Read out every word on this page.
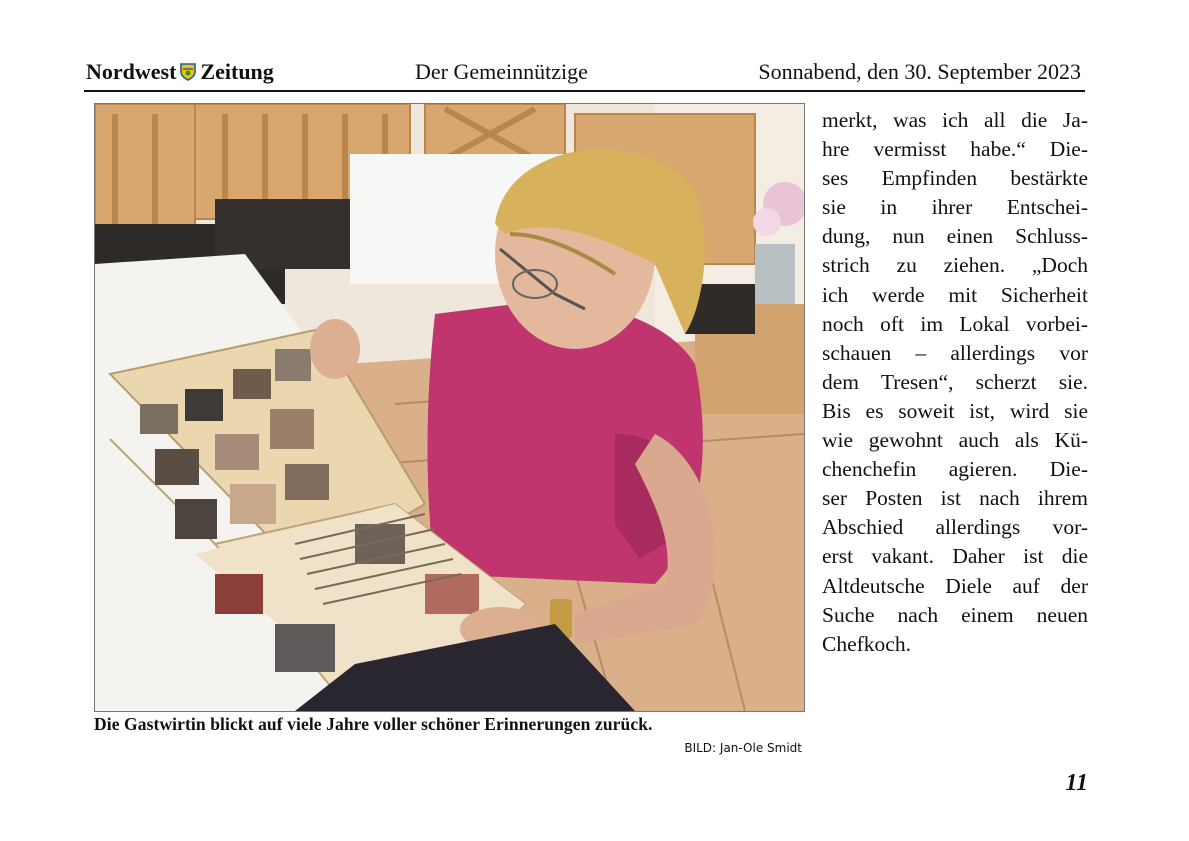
Nordwest Zeitung	Der Gemeinnützige	Sonnabend, den 30. September 2023
Die Gastwirtin blickt auf viele Jahre voller schöner Erinnerungen zurück.
BILD: Jan-Ole Smidt
merkt, was ich all die Ja-
hre vermisst habe.“ Die-
ses Empfinden bestärkte
sie in ihrer Entschei-
dung, nun einen Schluss-
strich zu ziehen. „Doch
ich werde mit Sicherheit
noch oft im Lokal vorbei-
schauen – allerdings vor
dem Tresen“, scherzt sie.
Bis es soweit ist, wird sie
wie gewohnt auch als Kü-
chenchefin agieren. Die-
ser Posten ist nach ihrem
Abschied allerdings vor-
erst vakant. Daher ist die
Altdeutsche Diele auf der
Suche nach einem neuen
Chefkoch.
11
